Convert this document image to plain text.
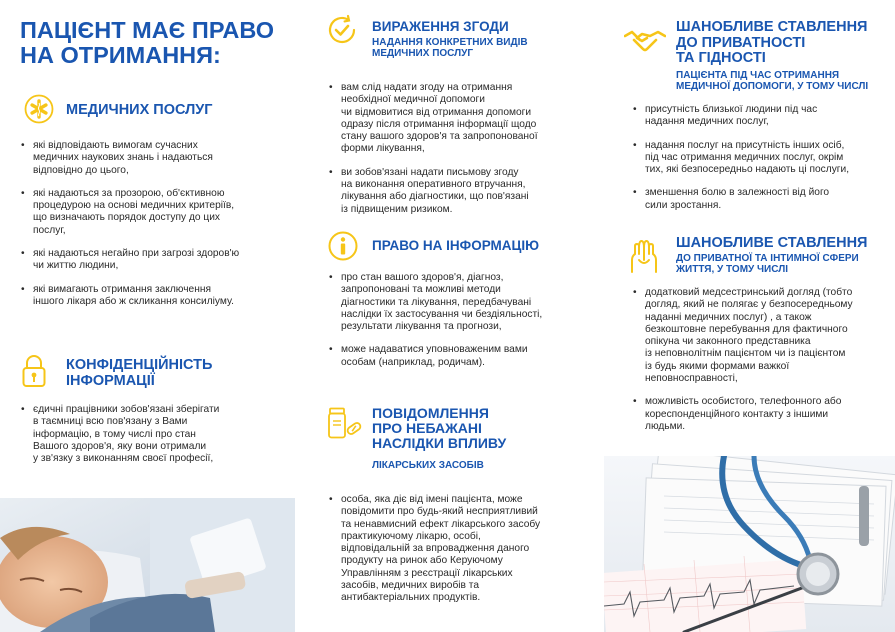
ПАЦІЄНТ МАЄ ПРАВО
НА ОТРИМАННЯ:
МЕДИЧНИХ ПОСЛУГ
• які відповідають вимогам сучасних
медичних наукових знань і надаються
відповідно до цього,
• які надаються за прозорою, об'єктивною
процедурою на основі медичних критеріїв,
що визначають порядок доступу до цих
послуг,
• які надаються негайно при загрозі здоров'ю
чи життю людини,
• які вимагають отримання заключення
іншого лікаря або ж скликання консиліуму.
КОНФІДЕНЦІЙНІСТЬ
ІНФОРМАЦІЇ
• єдичні працівники зобов'язані зберігати
в таємниці всю пов'язану з Вами
інформацію, в тому числі про стан
Вашого здоров'я, яку вони отримали
у зв'язку з виконанням своєї професії,
ВИРАЖЕННЯ ЗГОДИ
НАДАННЯ КОНКРЕТНИХ ВИДІВ
МЕДИЧНИХ ПОСЛУГ
• вам слід надати згоду на отримання
необхідної медичної допомоги
чи відмовитися від отримання допомоги
одразу після отримання інформації щодо
стану вашого здоров'я та запропонованої
форми лікування,
• ви зобов'язані надати письмову згоду
на виконання оперативного втручання,
лікування або діагностики, що пов'язані
із підвищеним ризиком.
ПРАВО НА ІНФОРМАЦІЮ
• про стан вашого здоров'я, діагноз,
запропоновані та можливі методи
діагностики та лікування, передбачувані
наслідки їх застосування чи бездіяльності,
результати лікування та прогнози,
• може надаватися уповноваженим вами
особам (наприклад, родичам).
ПОВІДОМЛЕННЯ
ПРО НЕБАЖАНІ
НАСЛІДКИ ВПЛИВУ
ЛІКАРСЬКИХ ЗАСОБІВ
• особа, яка діє від імені пацієнта, може
повідомити про будь-який несприятливий
та ненавмисний ефект лікарського засобу
практикуючому лікарю, особі,
відповідальній за впровадження даного
продукту на ринок або Керуючому
Управлінням з реєстрації лікарських
засобів, медичних виробів та
антибактеріальних продуктів.
ШАНОБЛИВЕ СТАВЛЕННЯ
ДО ПРИВАТНОСТІ
ТА ГІДНОСТІ
ПАЦІЄНТА ПІД ЧАС ОТРИМАННЯ
МЕДИЧНОЇ ДОПОМОГИ, У ТОМУ ЧИСЛІ
• присутність близької людини під час
надання медичних послуг,
• надання послуг на присутність інших осіб,
під час отримання медичних послуг, окрім
тих, які безпосередньо надають ці послуги,
• зменшення болю в залежності від його
сили зростання.
ШАНОБЛИВЕ СТАВЛЕННЯ
ДО ПРИВАТНОЇ ТА ІНТИМНОЇ СФЕРИ
ЖИТТЯ, У ТОМУ ЧИСЛІ
• додатковий медсестринський догляд (тобто
догляд, який не полягає у безпосередньому
наданні медичних послуг) , а також
безкоштовне перебування для фактичного
опікуна чи законного представника
із неповнолітнім пацієнтом чи із пацієнтом
із будь якими формами важкої
неповносправності,
• можливість особистого, телефонного або
кореспонденційного контакту з іншими
людьми.
